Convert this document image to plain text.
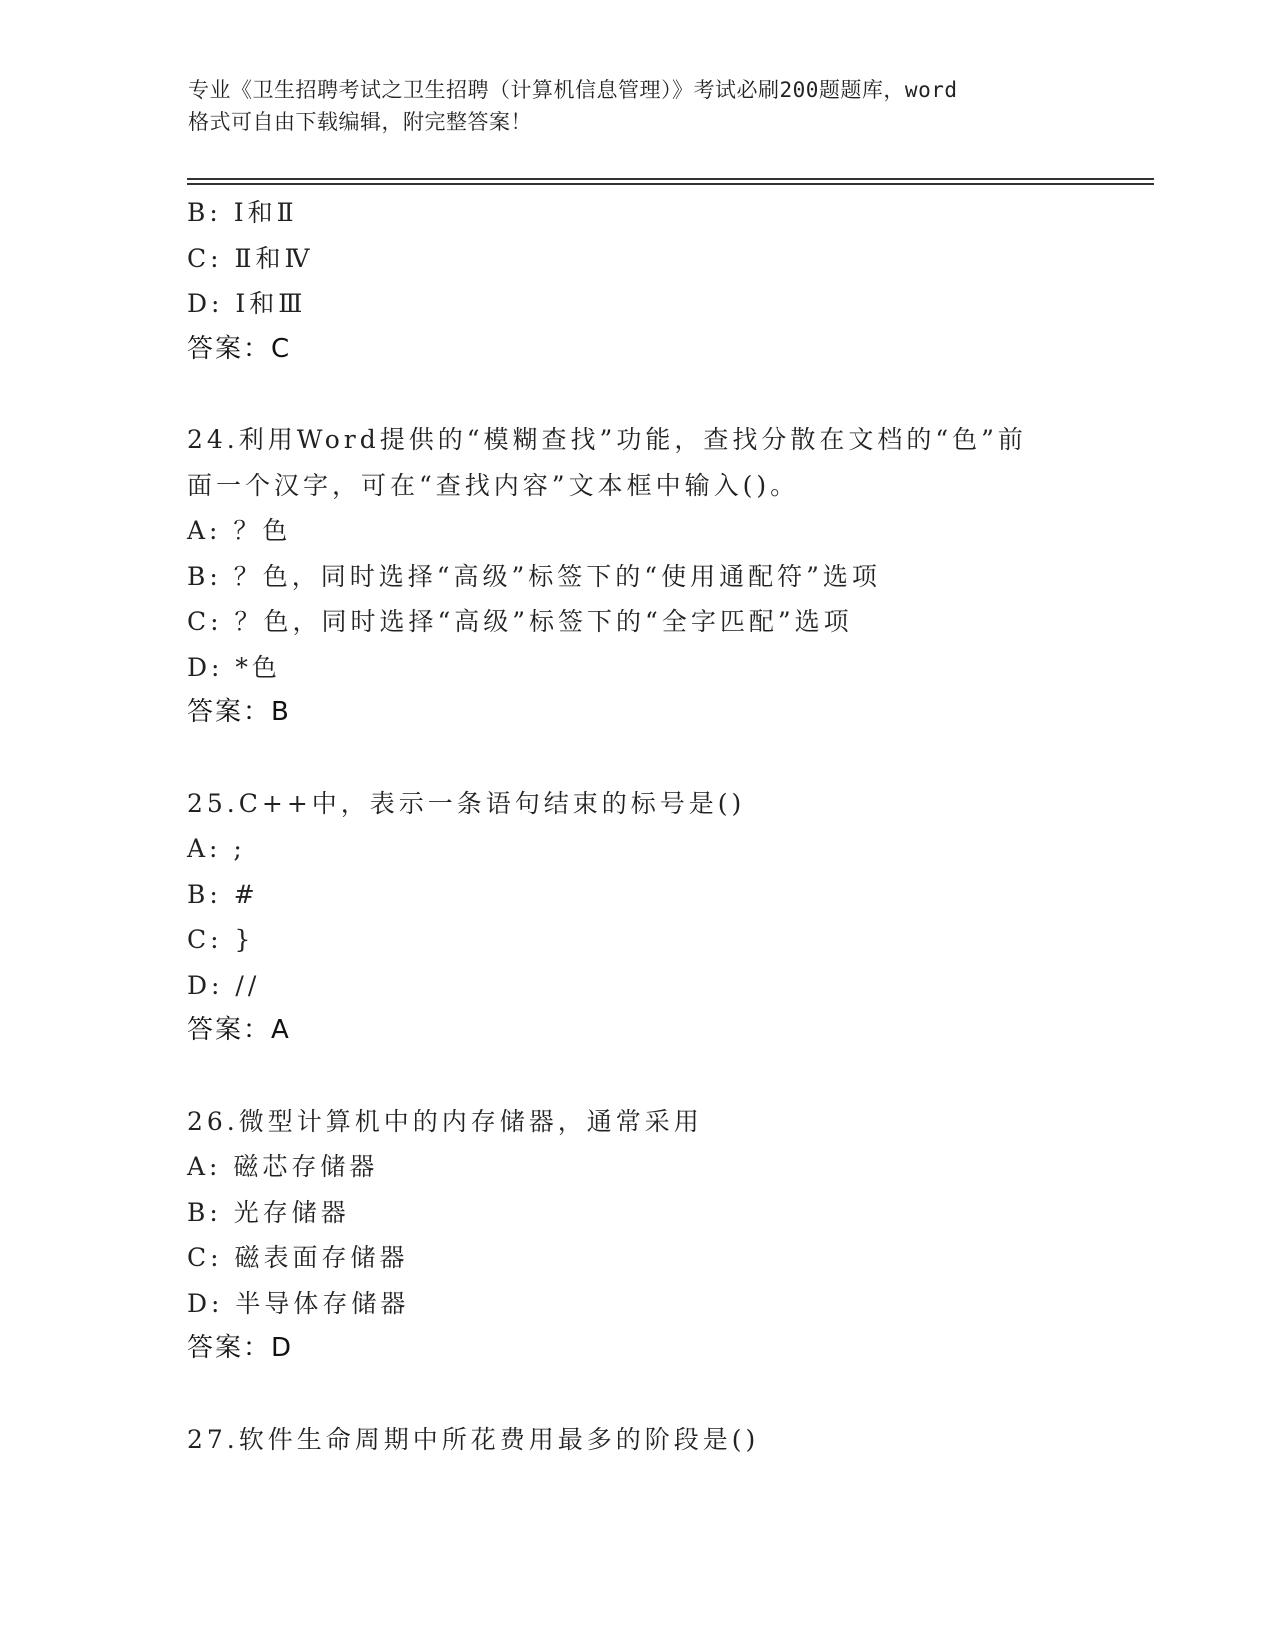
专业《卫生招聘考试之卫生招聘（计算机信息管理）》考试必刷200题题库，word
格式可自由下载编辑，附完整答案！
B: Ⅰ和Ⅱ
C: Ⅱ和Ⅳ
D: Ⅰ和Ⅲ
答案：C
24.利用Word提供的“模糊查找”功能，查找分散在文档的“色”前
面一个汉字，可在“查找内容”文本框中输入()。
A: ？色
B: ？色，同时选择“高级”标签下的“使用通配符”选项
C: ？色，同时选择“高级”标签下的“全字匹配”选项
D: *色
答案：B
25.C++中，表示一条语句结束的标号是()
A: ;
B: #
C: }
D: //
答案：A
26.微型计算机中的内存储器，通常采用
A: 磁芯存储器
B: 光存储器
C: 磁表面存储器
D: 半导体存储器
答案：D
27.软件生命周期中所花费用最多的阶段是()
